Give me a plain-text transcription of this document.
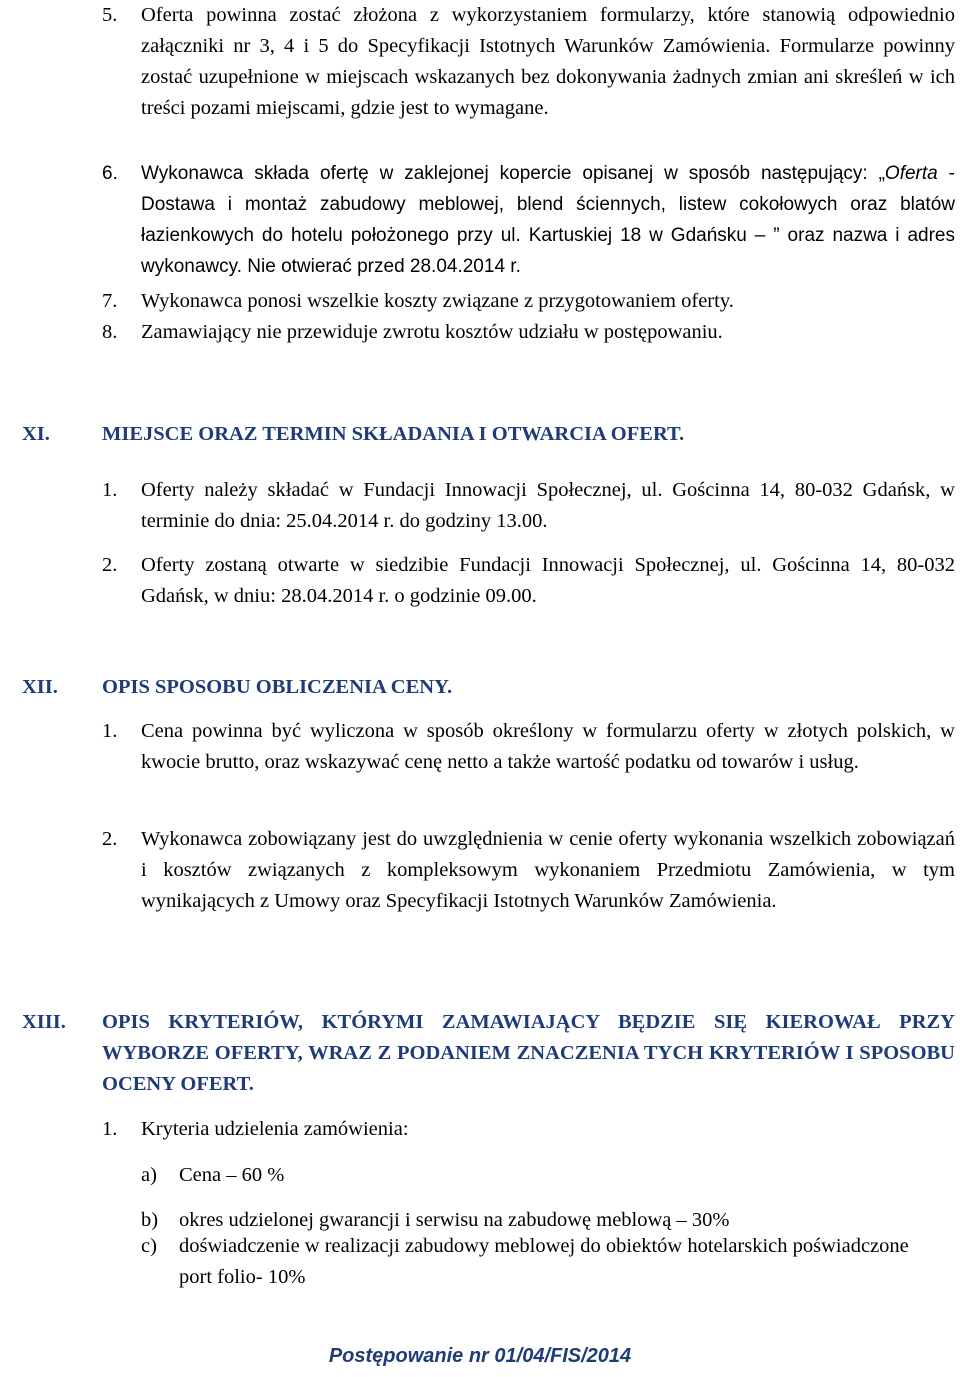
5. Oferta powinna zostać złożona z wykorzystaniem formularzy, które stanowią odpowiednio załączniki nr 3, 4 i 5 do Specyfikacji Istotnych Warunków Zamówienia. Formularze powinny zostać uzupełnione w miejscach wskazanych bez dokonywania żadnych zmian ani skreśleń w ich treści pozami miejscami, gdzie jest to wymagane.
6. Wykonawca składa ofertę w zaklejonej kopercie opisanej w sposób następujący: „Oferta - Dostawa i montaż zabudowy meblowej, blend ściennych, listew cokołowych oraz blatów łazienkowych do hotelu położonego przy ul. Kartuskiej 18 w Gdańsku – ” oraz nazwa i adres wykonawcy. Nie otwierać przed 28.04.2014 r.
7. Wykonawca ponosi wszelkie koszty związane z przygotowaniem oferty.
8. Zamawiający nie przewiduje zwrotu kosztów udziału w postępowaniu.
XI.	MIEJSCE ORAZ TERMIN SKŁADANIA I OTWARCIA OFERT.
1. Oferty należy składać w Fundacji Innowacji Społecznej, ul. Gościnna 14, 80-032 Gdańsk, w terminie do dnia: 25.04.2014 r. do godziny 13.00.
2. Oferty zostaną otwarte w siedzibie Fundacji Innowacji Społecznej, ul. Gościnna 14, 80-032 Gdańsk, w dniu: 28.04.2014 r. o godzinie 09.00.
XII.	OPIS SPOSOBU OBLICZENIA CENY.
1. Cena powinna być wyliczona w sposób określony w formularzu oferty w złotych polskich, w kwocie brutto, oraz wskazywać cenę netto a także wartość podatku od towarów i usług.
2. Wykonawca zobowiązany jest do uwzględnienia w cenie oferty wykonania wszelkich zobowiązań i kosztów związanych z kompleksowym wykonaniem Przedmiotu Zamówienia, w tym wynikających z Umowy oraz Specyfikacji Istotnych Warunków Zamówienia.
XIII.	OPIS KRYTERIÓW, KTÓRYMI ZAMAWIAJĄCY BĘDZIE SIĘ KIEROWAŁ PRZY WYBORZE OFERTY, WRAZ Z PODANIEM ZNACZENIA TYCH KRYTERIÓW I SPOSOBU OCENY OFERT.
1. Kryteria udzielenia zamówienia:
a) Cena – 60 %
b) okres udzielonej gwarancji i serwisu na zabudowę meblową – 30%
c) doświadczenie w realizacji zabudowy meblowej do obiektów hotelarskich poświadczone port folio- 10%
Postępowanie nr 01/04/FIS/2014
